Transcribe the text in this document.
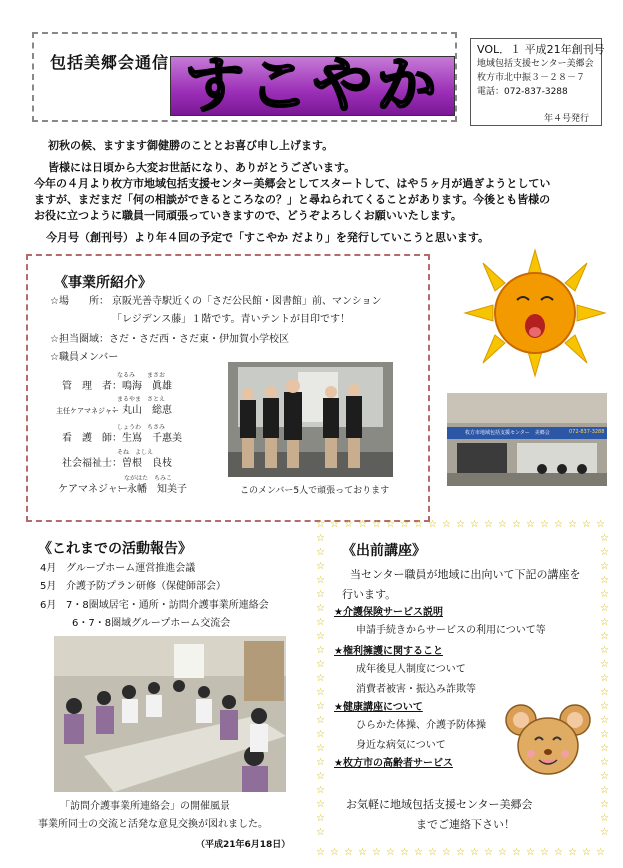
包括美郷会通信 すこやか
VOL．１ 平成21年創刊号
地域包括支援センター美郷会
枚方市北中振３－２８－７
電話：072-837-3288
年４号発行
初秋の候、ますます御健勝のこととお喜び申し上げます。
皆様には日頃から大変お世話になり、ありがとうございます。
今年の４月より枚方市地域包括支援センター美郷会としてスタートして、はや５ヶ月が過ぎようとしてい
ますが、まだまだ「何の相談ができるところなの？」と尋ねられてくることがあります。今後とも皆様の
お役に立つように職員一同頑張っていきますので、どうぞよろしくお願いいたします。
今月号（創刊号）より年４回の予定で「すこやか だより」を発行していこうと思います。
《事業所紹介》
☆場　　所： 京阪光善寺駅近くの「さだ公民館・図書館」前、マンション
「レジデンス藤」１階です。青いテントが目印です！
☆担当圏域：さだ・さだ西・さだ東・伊加賀小学校区
☆職員メンバー
管　理　者
なるみ　　まさお
：鳴海　眞雄
主任ケアマネジャー
まるやま　さとえ
：丸山　総恵
看　護　師
しょうわ　ちさみ
：生嶌　千惠美
社会福祉士
そね　よしえ
：曽根　良枝
ケアマネジャー
ながはた　ちみこ
：永幡　知美子	このメンバー5人で頑張っております
枚方市地域包括支援センター　美郷会	072-837-3288
《これまでの活動報告》
4月 グループホーム運営推進会議
5月 介護予防プラン研修（保健師部会）
6月 7・8圏域居宅・通所・訪問介護事業所連絡会
6・7・8圏域グループホーム交流会
「訪問介護事業所連絡会」の開催風景
事業所同士の交流と活発な意見交換が図れました。
（平成21年6月18日）
☆
☆
☆
☆
☆
☆
☆
☆
☆
☆
☆
☆
☆
☆
☆
☆
☆
☆
☆
☆
☆
☆
☆
☆
☆
☆
☆
☆
☆
☆
☆
☆
☆
☆
☆
☆
☆
☆
☆
☆
☆
☆
☆	☆
☆	☆
☆	☆
☆	☆
☆	☆
☆	☆
☆	☆
☆	☆
☆	☆
☆	☆
☆	☆
☆	☆
☆	☆
☆	☆
☆	☆
☆	☆
☆	☆
☆	☆
☆	☆
☆	☆
☆	☆
☆	☆
《出前講座》
当センター職員が地域に出向いて下記の講座を
行います。
★介護保険サービス説明
申請手続きからサービスの利用について等
★権利擁護に関すること
成年後見人制度について
消費者被害・振込み詐欺等
★健康講座について
ひらかた体操、介護予防体操
身近な病気について
★枚方市の高齢者サービス
お気軽に地域包括支援センター美郷会
までご連絡下さい！
